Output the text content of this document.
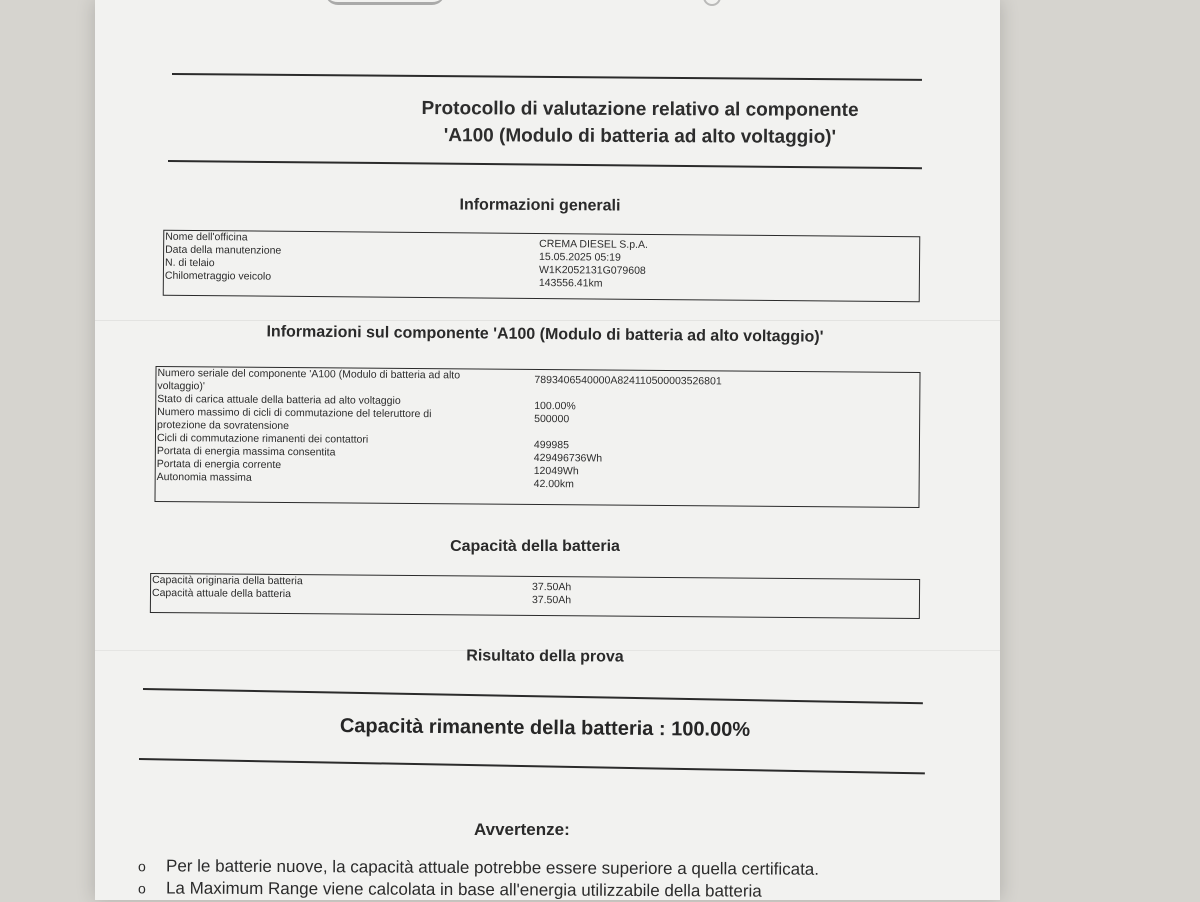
Protocollo di valutazione relativo al componente
'A100 (Modulo di batteria ad alto voltaggio)'
Informazioni generali
Nome dell'officina
Data della manutenzione
N. di telaio
Chilometraggio veicolo
CREMA DIESEL S.p.A.
15.05.2025 05:19
W1K2052131G079608
143556.41km
Informazioni sul componente 'A100 (Modulo di batteria ad alto voltaggio)'
Numero seriale del componente 'A100 (Modulo di batteria ad alto
voltaggio)'
Stato di carica attuale della batteria ad alto voltaggio
Numero massimo di cicli di commutazione del teleruttore di
protezione da sovratensione
Cicli di commutazione rimanenti dei contattori
Portata di energia massima consentita
Portata di energia corrente
Autonomia massima
7893406540000A824110500003526801
100.00%
500000
499985
429496736Wh
12049Wh
42.00km
Capacità della batteria
Capacità originaria della batteria
Capacità attuale della batteria	37.50Ah
37.50Ah
Risultato della prova
Capacità rimanente della batteria : 100.00%
Avvertenze:
o Per le batterie nuove, la capacità attuale potrebbe essere superiore a quella certificata.
o La Maximum Range viene calcolata in base all'energia utilizzabile della batteria
